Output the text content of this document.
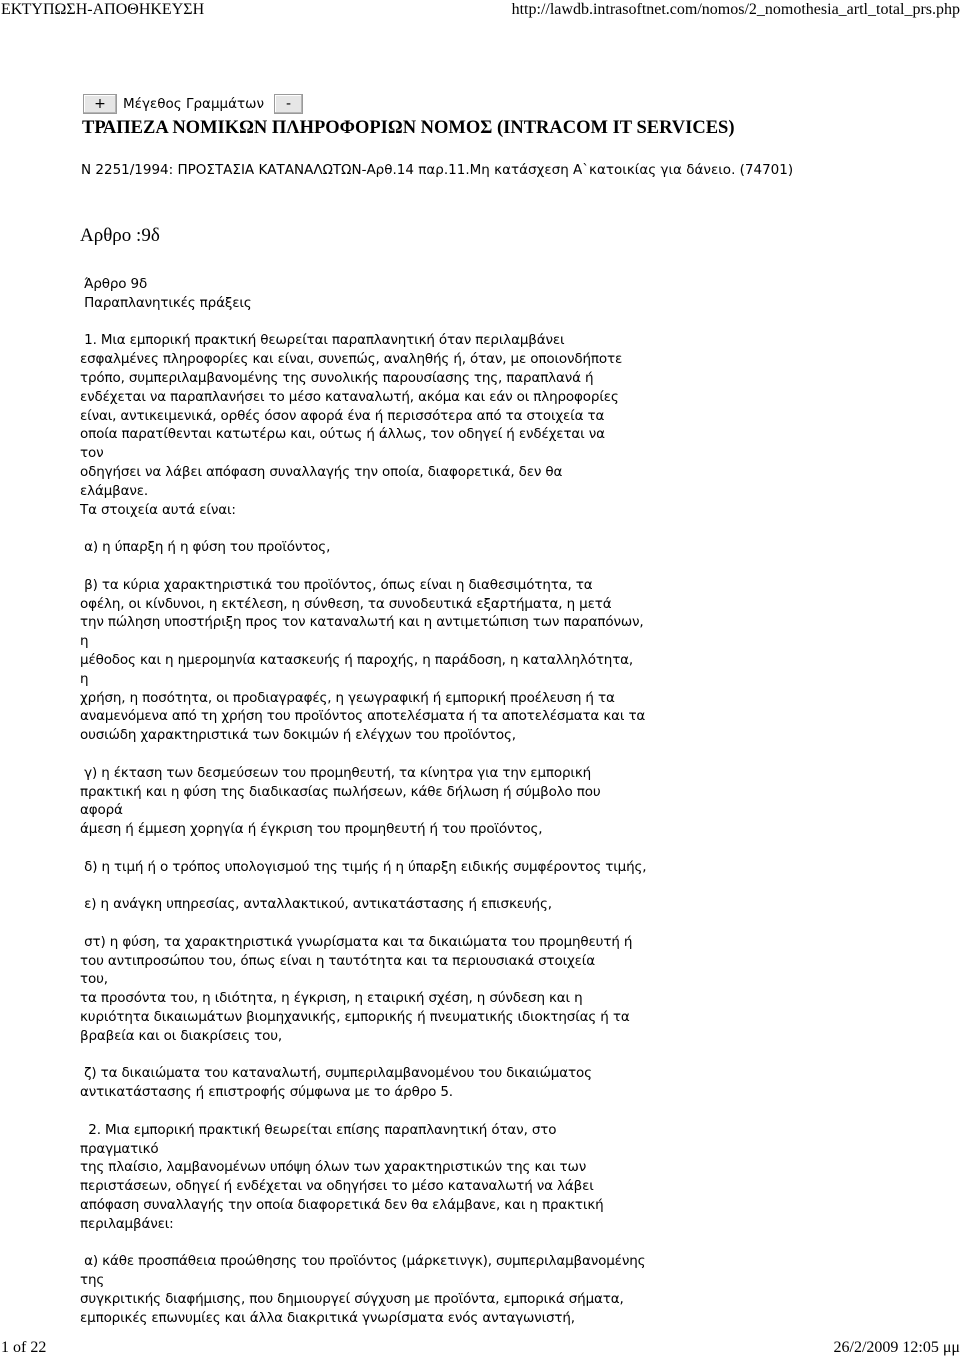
ΕΚΤΥΠΩΣΗ-ΑΠΟΘΗΚΕΥΣΗ	http://lawdb.intrasoftnet.com/nomos/2_nomothesia_artl_total_prs.php
+	Μέγεθος Γραμμάτων	-
ΤΡΑΠΕΖΑ ΝΟΜΙΚΩΝ ΠΛΗΡΟΦΟΡΙΩΝ ΝΟΜΟΣ (INTRACOM IT SERVICES)
Ν 2251/1994: ΠΡΟΣΤΑΣΙΑ ΚΑΤΑΝΑΛΩΤΩΝ-Αρθ.14 παρ.11.Μη κατάσχεση Α`κατοικίας για δάνειο. (74701)
Αρθρο :9δ
Άρθρο 9δ
Παραπλανητικές πράξεις
1. Μια εμπορική πρακτική θεωρείται παραπλανητική όταν περιλαμβάνει
εσφαλμένες πληροφορίες και είναι, συνεπώς, αναληθής ή, όταν, με οποιονδήποτε
τρόπο, συμπεριλαμβανομένης της συνολικής παρουσίασης της, παραπλανά ή
ενδέχεται να παραπλανήσει το μέσο καταναλωτή, ακόμα και εάν οι πληροφορίες
είναι, αντικειμενικά, ορθές όσον αφορά ένα ή περισσότερα από τα στοιχεία τα
οποία παρατίθενται κατωτέρω και, ούτως ή άλλως, τον οδηγεί ή ενδέχεται να
τον
οδηγήσει να λάβει απόφαση συναλλαγής την οποία, διαφορετικά, δεν θα
ελάμβανε.
Τα στοιχεία αυτά είναι:
α) η ύπαρξη ή η φύση του προϊόντος,
β) τα κύρια χαρακτηριστικά του προϊόντος, όπως είναι η διαθεσιμότητα, τα
οφέλη, οι κίνδυνοι, η εκτέλεση, η σύνθεση, τα συνοδευτικά εξαρτήματα, η μετά
την πώληση υποστήριξη προς τον καταναλωτή και η αντιμετώπιση των παραπόνων,
η
μέθοδος και η ημερομηνία κατασκευής ή παροχής, η παράδοση, η καταλληλότητα,
η
χρήση, η ποσότητα, οι προδιαγραφές, η γεωγραφική ή εμπορική προέλευση ή τα
αναμενόμενα από τη χρήση του προϊόντος αποτελέσματα ή τα αποτελέσματα και τα
ουσιώδη χαρακτηριστικά των δοκιμών ή ελέγχων του προϊόντος,
γ) η έκταση των δεσμεύσεων του προμηθευτή, τα κίνητρα για την εμπορική
πρακτική και η φύση της διαδικασίας πωλήσεων, κάθε δήλωση ή σύμβολο που
αφορά
άμεση ή έμμεση χορηγία ή έγκριση του προμηθευτή ή του προϊόντος,
δ) η τιμή ή ο τρόπος υπολογισμού της τιμής ή η ύπαρξη ειδικής συμφέροντος τιμής,
ε) η ανάγκη υπηρεσίας, ανταλλακτικού, αντικατάστασης ή επισκευής,
στ) η φύση, τα χαρακτηριστικά γνωρίσματα και τα δικαιώματα του προμηθευτή ή
του αντιπροσώπου του, όπως είναι η ταυτότητα και τα περιουσιακά στοιχεία
του,
τα προσόντα του, η ιδιότητα, η έγκριση, η εταιρική σχέση, η σύνδεση και η
κυριότητα δικαιωμάτων βιομηχανικής, εμπορικής ή πνευματικής ιδιοκτησίας ή τα
βραβεία και οι διακρίσεις του,
ζ) τα δικαιώματα του καταναλωτή, συμπεριλαμβανομένου του δικαιώματος
αντικατάστασης ή επιστροφής σύμφωνα με το άρθρο 5.
2. Μια εμπορική πρακτική θεωρείται επίσης παραπλανητική όταν, στο
πραγματικό
της πλαίσιο, λαμβανομένων υπόψη όλων των χαρακτηριστικών της και των
περιστάσεων, οδηγεί ή ενδέχεται να οδηγήσει το μέσο καταναλωτή να λάβει
απόφαση συναλλαγής την οποία διαφορετικά δεν θα ελάμβανε, και η πρακτική
περιλαμβάνει:
α) κάθε προσπάθεια προώθησης του προϊόντος (μάρκετινγκ), συμπεριλαμβανομένης
της
συγκριτικής διαφήμισης, που δημιουργεί σύγχυση με προϊόντα, εμπορικά σήματα,
εμπορικές επωνυμίες και άλλα διακριτικά γνωρίσματα ενός ανταγωνιστή,
1 of 22	26/2/2009 12:05 μμ
